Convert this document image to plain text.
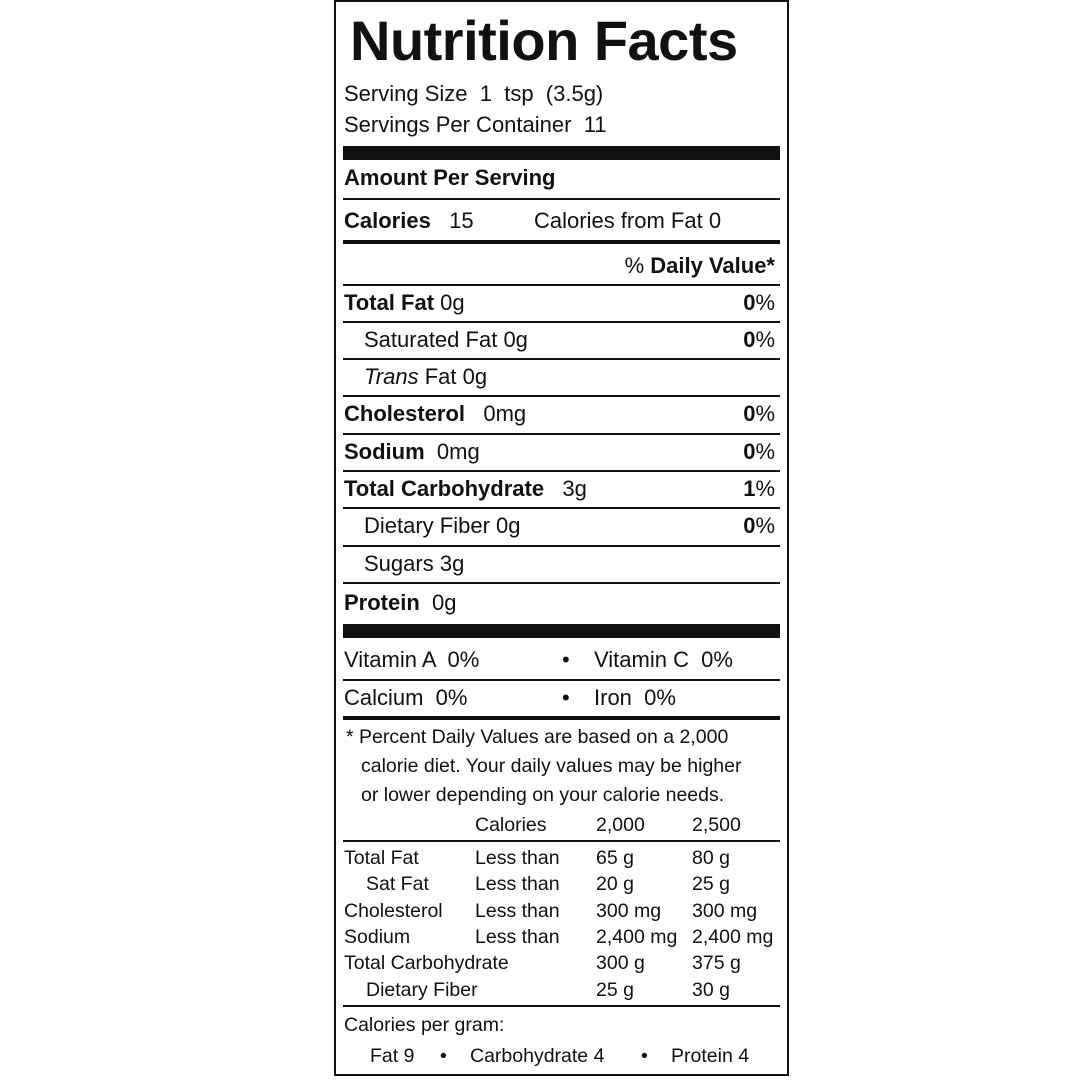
Nutrition Facts
Serving Size 1  tsp  (3.5g)
Servings Per Container 11
Amount Per Serving
Calories 15	Calories from Fat 0
% Daily Value*
Total Fat 0g	0%
Saturated Fat 0g	0%
Trans Fat 0g
Cholesterol 0mg	0%
Sodium 0mg	0%
Total Carbohydrate 3g	1%
Dietary Fiber 0g	0%
Sugars 3g
Protein 0g
Vitamin A  0%	• Vitamin C  0%
Calcium  0%	• Iron  0%
* Percent Daily Values are based on a 2,000
calorie diet. Your daily values may be higher
or lower depending on your calorie needs.
Calories	2,000 2,500
Total Fat	Less than 65 g	80 g
Sat Fat Less than 20 g	25 g
Cholesterol Less than 300 mg 300 mg
Sodium	Less than 2,400 mg 2,400 mg
Total Carbohydrate	300 g 375 g
Dietary Fiber	25 g	30 g
Calories per gram:
Fat 9 • Carbohydrate 4 • Protein 4
